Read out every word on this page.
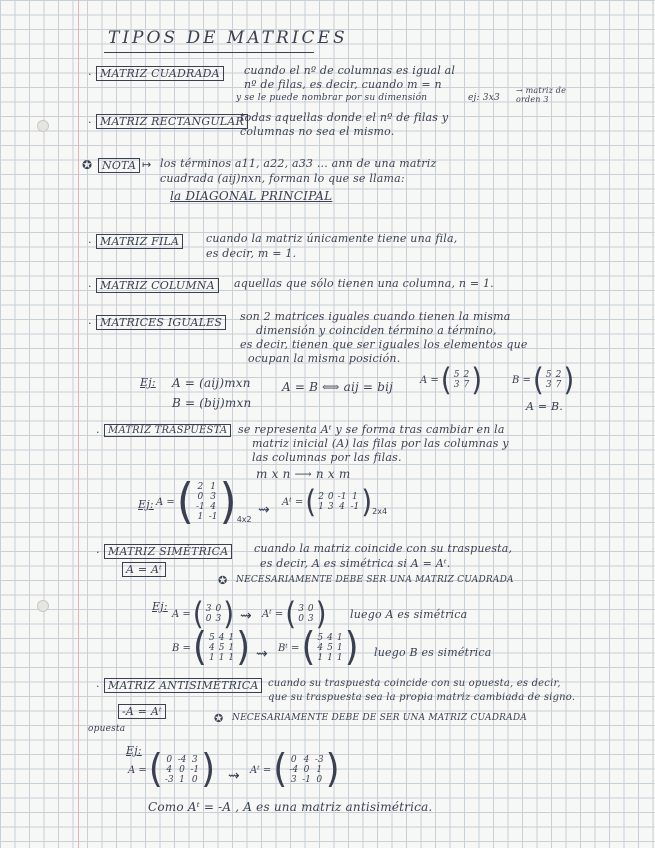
TIPOS DE MATRICES
· MATRIZ CUADRADA	cuando el nº de columnas es igual al
nº de filas, es decir, cuando m = n
y se le puede nombrar por su dimensión	ej: 3x3
→ matriz de orden 3
· MATRIZ RECTANGULAR
todas aquellas donde el nº de filas y
columnas no sea el mismo.
✪ NOTA ↦ los términos a11, a22, a33 ... ann de una matriz
cuadrada (aij)nxn, forman lo que se llama:
la DIAGONAL PRINCIPAL
· MATRIZ FILA	cuando la matriz únicamente tiene una fila,
es decir, m = 1.
· MATRIZ COLUMNA	aquellas que sólo tienen una columna, n = 1.
· MATRICES IGUALES	son 2 matrices iguales cuando tienen la misma
dimensión y coinciden término a término,
es decir, tienen que ser iguales los elementos que
ocupan la misma posición.
Ej: A = (aij)mxn
B = (bij)mxn
A = B ⟺ aij = bij	A = ( 5	2
3	7 )	B = ( 5	2
3	7 )
A = B.
· MATRIZ TRASPUESTA se representa Aᵗ y se forma tras cambiar en la
matriz inicial (A) las filas por las columnas y
las columnas por las filas.
m x n ⟶ n x m
Ej: A = ( 2	1
0	3
-1	4
1	-1 ) 4x2
⇝ Aᵗ = ( 2	0	-1	1
1	3	4	-1 ) 2x4
· MATRIZ SIMÉTRICA	cuando la matriz coincide con su traspuesta,
es decir, A es simétrica si A = Aᵗ.
A = Aᵗ
✪ NECESARIAMENTE DEBE SER UNA MATRIZ CUADRADA
Ej:
A = ( 3	0
0	3 ) ⇝ Aᵗ = ( 3	0
0	3 ) luego A es simétrica
B = ( 5	4	1
4	5	1
1	1	1 ) ⇝ Bᵗ = ( 5	4	1
4	5	1
1	1	1 ) luego B es simétrica
· MATRIZ ANTISIMÉTRICA cuando su traspuesta coincide con su opuesta, es decir,
que su traspuesta sea la propia matriz cambiada de signo.
-A = Aᵗ
opuesta
✪ NECESARIAMENTE DEBE DE SER UNA MATRIZ CUADRADA
Ej:
A = ( 0	-4	3
4	0	-1
-3	1	0 ) ⇝ Aᵗ = ( 0	4	-3
-4	0	1
3	-1	0 )
Como Aᵗ = -A , A es una matriz antisimétrica.
